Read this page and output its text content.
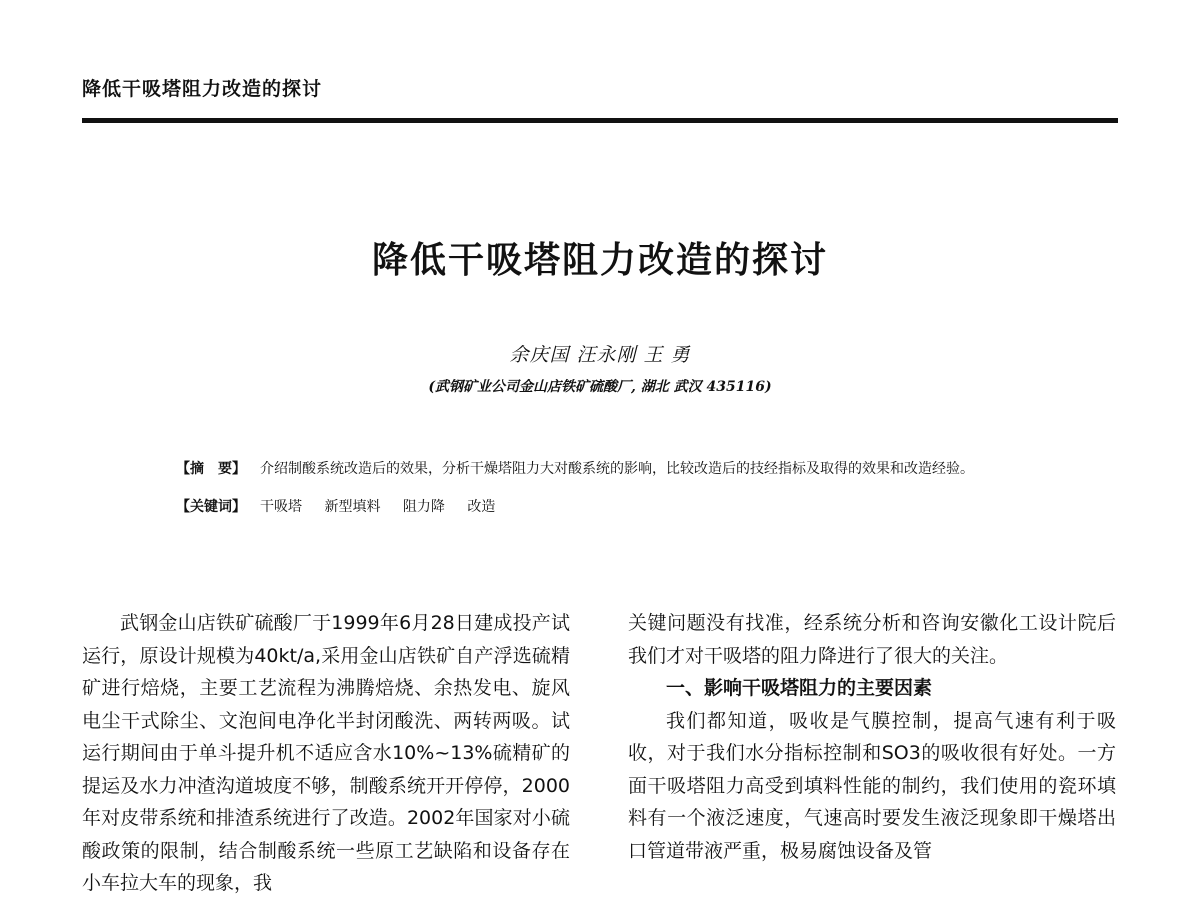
降低干吸塔阻力改造的探讨
降低干吸塔阻力改造的探讨
余庆国 汪永刚 王 勇
(武钢矿业公司金山店铁矿硫酸厂, 湖北 武汉 435116)
【摘　要】	介绍制酸系统改造后的效果，分析干燥塔阻力大对酸系统的影响，比较改造后的技经指标及取得的效果和改造经验。
【关键词】	干吸塔 新型填料 阻力降 改造

武钢金山店铁矿硫酸厂于1999年6月28日建成投产试运行，原设计规模为40kt/a,采用金山店铁矿自产浮选硫精矿进行焙烧，主要工艺流程为沸腾焙烧、余热发电、旋风电尘干式除尘、文泡间电净化半封闭酸洗、两转两吸。试运行期间由于单斗提升机不适应含水10%~13%硫精矿的提运及水力冲渣沟道坡度不够，制酸系统开开停停，2000年对皮带系统和排渣系统进行了改造。2002年国家对小硫酸政策的限制，结合制酸系统一些原工艺缺陷和设备存在小车拉大车的现象，我

关键问题没有找准，经系统分析和咨询安徽化工设计院后我们才对干吸塔的阻力降进行了很大的关注。

一、影响干吸塔阻力的主要因素

我们都知道，吸收是气膜控制，提高气速有利于吸收，对于我们水分指标控制和SO3的吸收很有好处。一方面干吸塔阻力高受到填料性能的制约，我们使用的瓷环填料有一个液泛速度，气速高时要发生液泛现象即干燥塔出口管道带液严重，极易腐蚀设备及管
